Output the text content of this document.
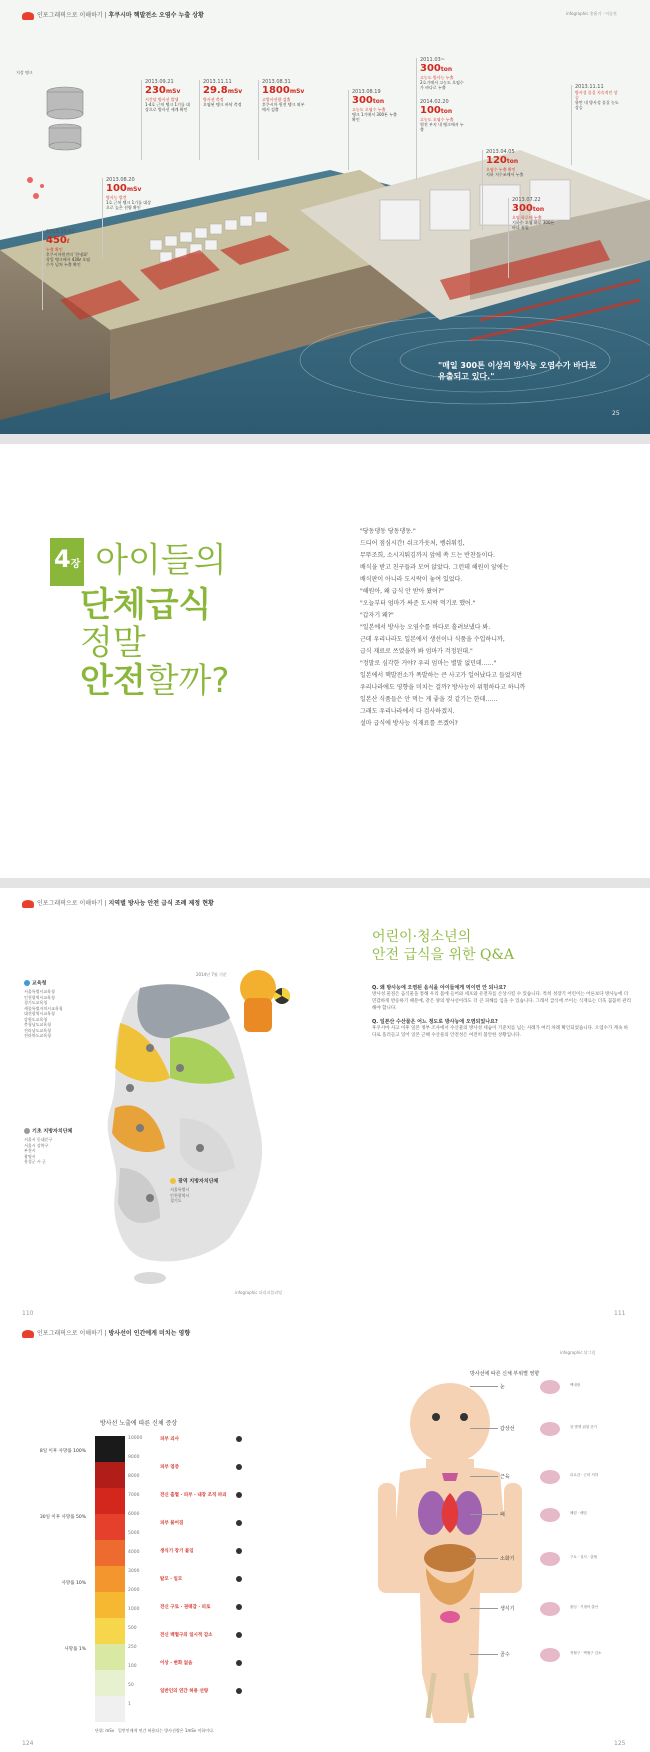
인포그래픽으로 이해하기 | 후쿠시마 핵발전소 오염수 누출 상황	infographic 홍윤기 · 이승진
저장 탱크
2013.10.02
450ℓ
누출 확인
후쿠시마원전의 '한냉화' 작업 탱크에서 430ℓ 오염수가 넘쳐 누출 확인
2013.08.20
100mSv
방사능 발견
1호 근처 탱크 1기를 대상으로 높은 선량 확인
2013.09.21
230mSv
시간당 방사선 발생
1·4호 근처 탱크 1기를 대상으로 방사선 세계 확인
2013.11.11
29.8mSv
방사선 측정
오염된 탱크 바닥 측정
2013.08.31
1800mSv
고방사선량 검출
후쿠시마 원전 탱크 외부에서 검출
2013.08.19
300ton
고농도 오염수 누출
탱크 1기에서 300톤 누출 확인
2011.03~
300ton
고농도 방사능 누출
2호기에서 고농도 오염수가 바다로 누출
2014.02.20
100ton
고농도 오염수 누출
원전 부지 내 탱크에서 누출
2013.04.05
120ton
오염수 누출 확인
지하 저수조에서 누출
2013.07.22
300ton
오염 하루에 누출
지하수 오염 하루 300톤 바다 유입
2013.11.11
방사성 물질 지속적인 상승
항만 내 방사성 물질 농도 상승
"매일 300톤 이상의 방사능 오염수가 바다로 유출되고 있다."
25
4장 아이들의
단체급식
정말
안전할까?

"당동댕동 당동댕동."

드디어 점심시간! 쉬크가웃처, 쌩쉬워킹,

무뚜조희, 소시지튀김까지 앞에 쏙 드는 반찬들이다.

배식을 받고 친구들과 모여 앉았다. 그런데 해원이 앞에는

배식판이 아니라 도시락이 놓여 있었다.

"해원아, 왜 급식 안 받아 왔어?"

"오늘부터 엄마가 싸준 도시락 먹기로 했어."

"갑자기 왜?"

"일본에서 방사능 오염수를 바다로 흘려보냈다 봐.

근데 우리나라도 일본에서 생선이나 식품을 수입하니까,

급식 재료로 쓰였을까 봐 엄마가 걱정된대."

"정말로 심각한 거야? 우리 엄마는 별말 없던데……"

일본에서 핵발전소가 폭발하는 큰 사고가 일어났다고 들었지만

우리나라에도 영향을 미치는 걸까? 방사능이 위험하다고 하니까

일본산 식품들은 안 먹는 게 좋을 것 같기는 한데……

그래도 우리나라에서 다 검사하겠지.

설마 급식에 방사능 식재료를 쓰겠어?

인포그래픽으로 이해하기 | 지역별 방사능 안전 급식 조례 제정 현황
2014년 7월 기준
교육청
서울특별시교육청
인천광역시교육청
경기도교육청
세종특별자치시교육청
대전광역시교육청
강원도교육청
충청남도교육청
전라남도교육청
전라북도교육청
기초 지방자치단체
서울시 동대문구
서울시 강북구
부천시
광명시
홍성군 시 군
광역 지방자치단체
서울특별시
인천광역시
경기도
infographic 더리퍼블리팅
어린이·청소년의
안전 급식을 위한 Q&A
Q. 왜 방사능에 오염된 음식을 아이들에게 먹이면 안 되나요?

방사성 물질은 음식물을 통해 우리 몸에 들어와 세포와 유전자를 손상시킬 수 있습니다. 특히 성장기 어린이는 어른보다 방사능에 더 민감하게 반응하기 때문에, 같은 양의 방사선이라도 더 큰 피해를 입을 수 있습니다. 그래서 급식에 쓰이는 식재료는 더욱 꼼꼼히 관리해야 합니다.

Q. 일본산 수산물은 어느 정도로 방사능에 오염되었나요?

후쿠시마 사고 이후 일본 정부 조사에서 수산물의 방사성 세슘이 기준치를 넘는 사례가 여러 차례 확인되었습니다. 오염수가 계속 바다로 흘러들고 있어 일본 근해 수산물의 안전성은 여전히 불안한 상황입니다.

110	111
인포그래픽으로 이해하기 | 방사선이 인간에게 미치는 영향
infographic 달그림
방사선 노출에 따른 신체 증상
10000
9000
8000
7000
6000
5000
4000
3000
2000
1000
500
250
100
50
1
피부 괴사
피부 염증
전신 출혈 · 피부 · 내장 조직 파괴
피부 붉어짐
생식기 장기 불임
탈모 · 일모
전신 구토 · 권태감 · 피로
전신 백혈구의 일시적 감소
이상 · 변화 없음
일반인의 연간 허용 선량
8일 이후 사망률 100%
30일 이후 사망률 50%
사망률 10%
사망률 1%
단위: mSv 일반인에게 연간 허용되는 방사선량은 1mSv 이하이다.
방사선에 따른 신체 부위별 영향
눈	백내장
갑상선	암 발생 위험 증가
근육	피로감 · 근력 저하
폐	폐렴 · 폐암
소화기	구토 · 설사 · 출혈
생식기	불임 · 기형아 출산
골수	적혈구 · 백혈구 감소
124	125
